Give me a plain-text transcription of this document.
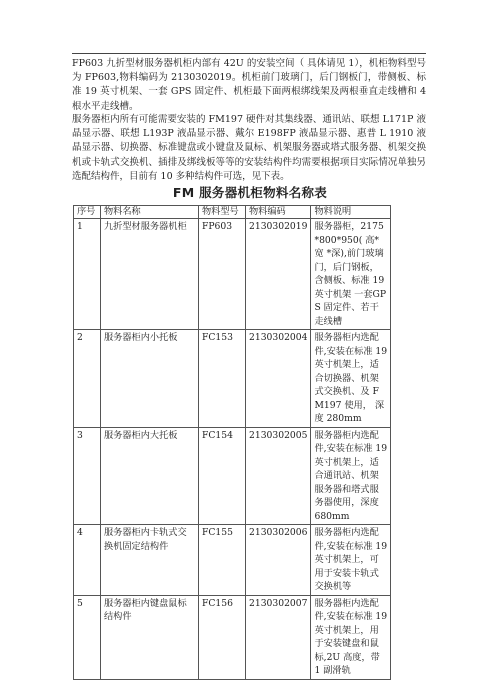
FP603 九折型材服务器机柜内部有 42U 的安装空间（ 具体请见 1），机柜物料型号为 FP603,物料编码为 2130302019。机柜前门玻璃门，后门钢板门，带侧板、标准 19 英寸机架、一套 GPS 固定件、机柜最下面两根绑线架及两根垂直走线槽和 4 根水平走线槽。

服务器柜内所有可能需要安装的 FM197 硬件对其集线器、通讯站、联想 L171P 液晶显示器、联想 L193P 液晶显示器、戴尔 E198FP 液晶显示器、惠普 L 1910 液晶显示器、切换器、标准键盘或小键盘及鼠标、机架服务器或塔式服务器、机架交换机或卡轨式交换机、插排及绑线板等等的安装结构件均需要根据项目实际情况单独另选配结构件，目前有 10 多种结构件可选，见下表。

FM 服务器机柜物料名称表
序号	物料名称	物料型号	物料编码	物料说明
1	九折型材服务器机柜	FP603	2130302019	服务器柜，2175*800*950( 高* 宽 *深),前门玻璃门，后门钢板，含侧板、标准 19 英寸机架 一套GPS 固定件、若干走线槽
2	服务器柜内小托板	FC153	2130302004	服务器柜内选配件,安装在标准 19 英寸机架上，适合切换器、机架式交换机、及 FM197 使用， 深度 280mm
3	服务器柜内大托板	FC154	2130302005	服务器柜内选配件,安装在标准 19 英寸机架上，适合通讯站、机架服务器和塔式服务器使用，深度 680mm
4	服务器柜内卡轨式交换机固定结构件	FC155	2130302006	服务器柜内选配件,安装在标准 19 英寸机架上，可用于安装卡轨式交换机等
5	服务器柜内键盘鼠标结构件	FC156	2130302007	服务器柜内选配件,安装在标准 19 英寸机架上，用于安装键盘和鼠标,2U 高度，带 1 副滑轨
